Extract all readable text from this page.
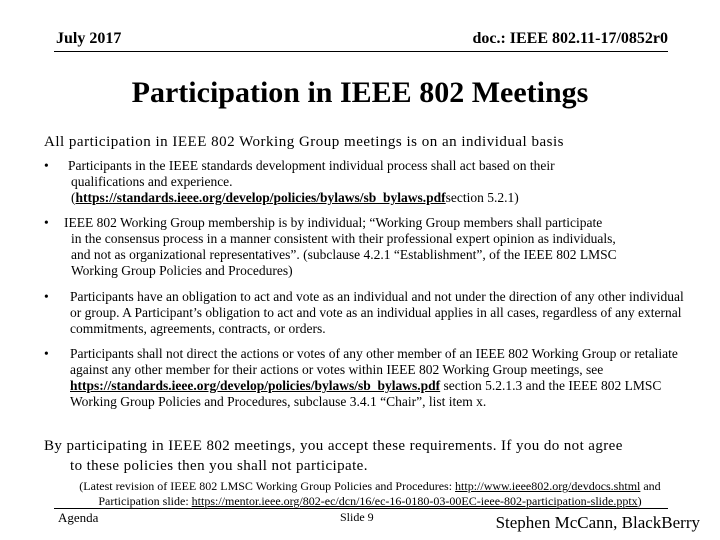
July 2017	doc.: IEEE 802.11-17/0852r0
Participation in IEEE 802 Meetings
All participation in IEEE 802 Working Group meetings is on an individual basis
• Participants in the IEEE standards development individual process shall act based on their
qualifications and experience.
(https://standards.ieee.org/develop/policies/bylaws/sb_bylaws.pdfsection 5.2.1)
• IEEE 802 Working Group membership is by individual; “Working Group members shall participate
in the consensus process in a manner consistent with their professional expert opinion as individuals,
and not as organizational representatives”. (subclause 4.2.1 “Establishment”, of the IEEE 802 LMSC
Working Group Policies and Procedures)
• Participants have an obligation to act and vote as an individual and not under the direction of any other individual or group. A Participant’s obligation to act and vote as an individual applies in all cases, regardless of any external commitments, agreements, contracts, or orders.
• Participants shall not direct the actions or votes of any other member of an IEEE 802 Working Group or retaliate against any other member for their actions or votes within IEEE 802 Working Group meetings, see https://standards.ieee.org/develop/policies/bylaws/sb_bylaws.pdf section 5.2.1.3 and the IEEE 802 LMSC Working Group Policies and Procedures, subclause 3.4.1 “Chair”, list item x.
By participating in IEEE 802 meetings, you accept these requirements. If you do not agree
to these policies then you shall not participate.
(Latest revision of IEEE 802 LMSC Working Group Policies and Procedures: http://www.ieee802.org/devdocs.shtml and Participation slide: https://mentor.ieee.org/802-ec/dcn/16/ec-16-0180-03-00EC-ieee-802-participation-slide.pptx)
Agenda	Slide 9	Stephen McCann, BlackBerry
